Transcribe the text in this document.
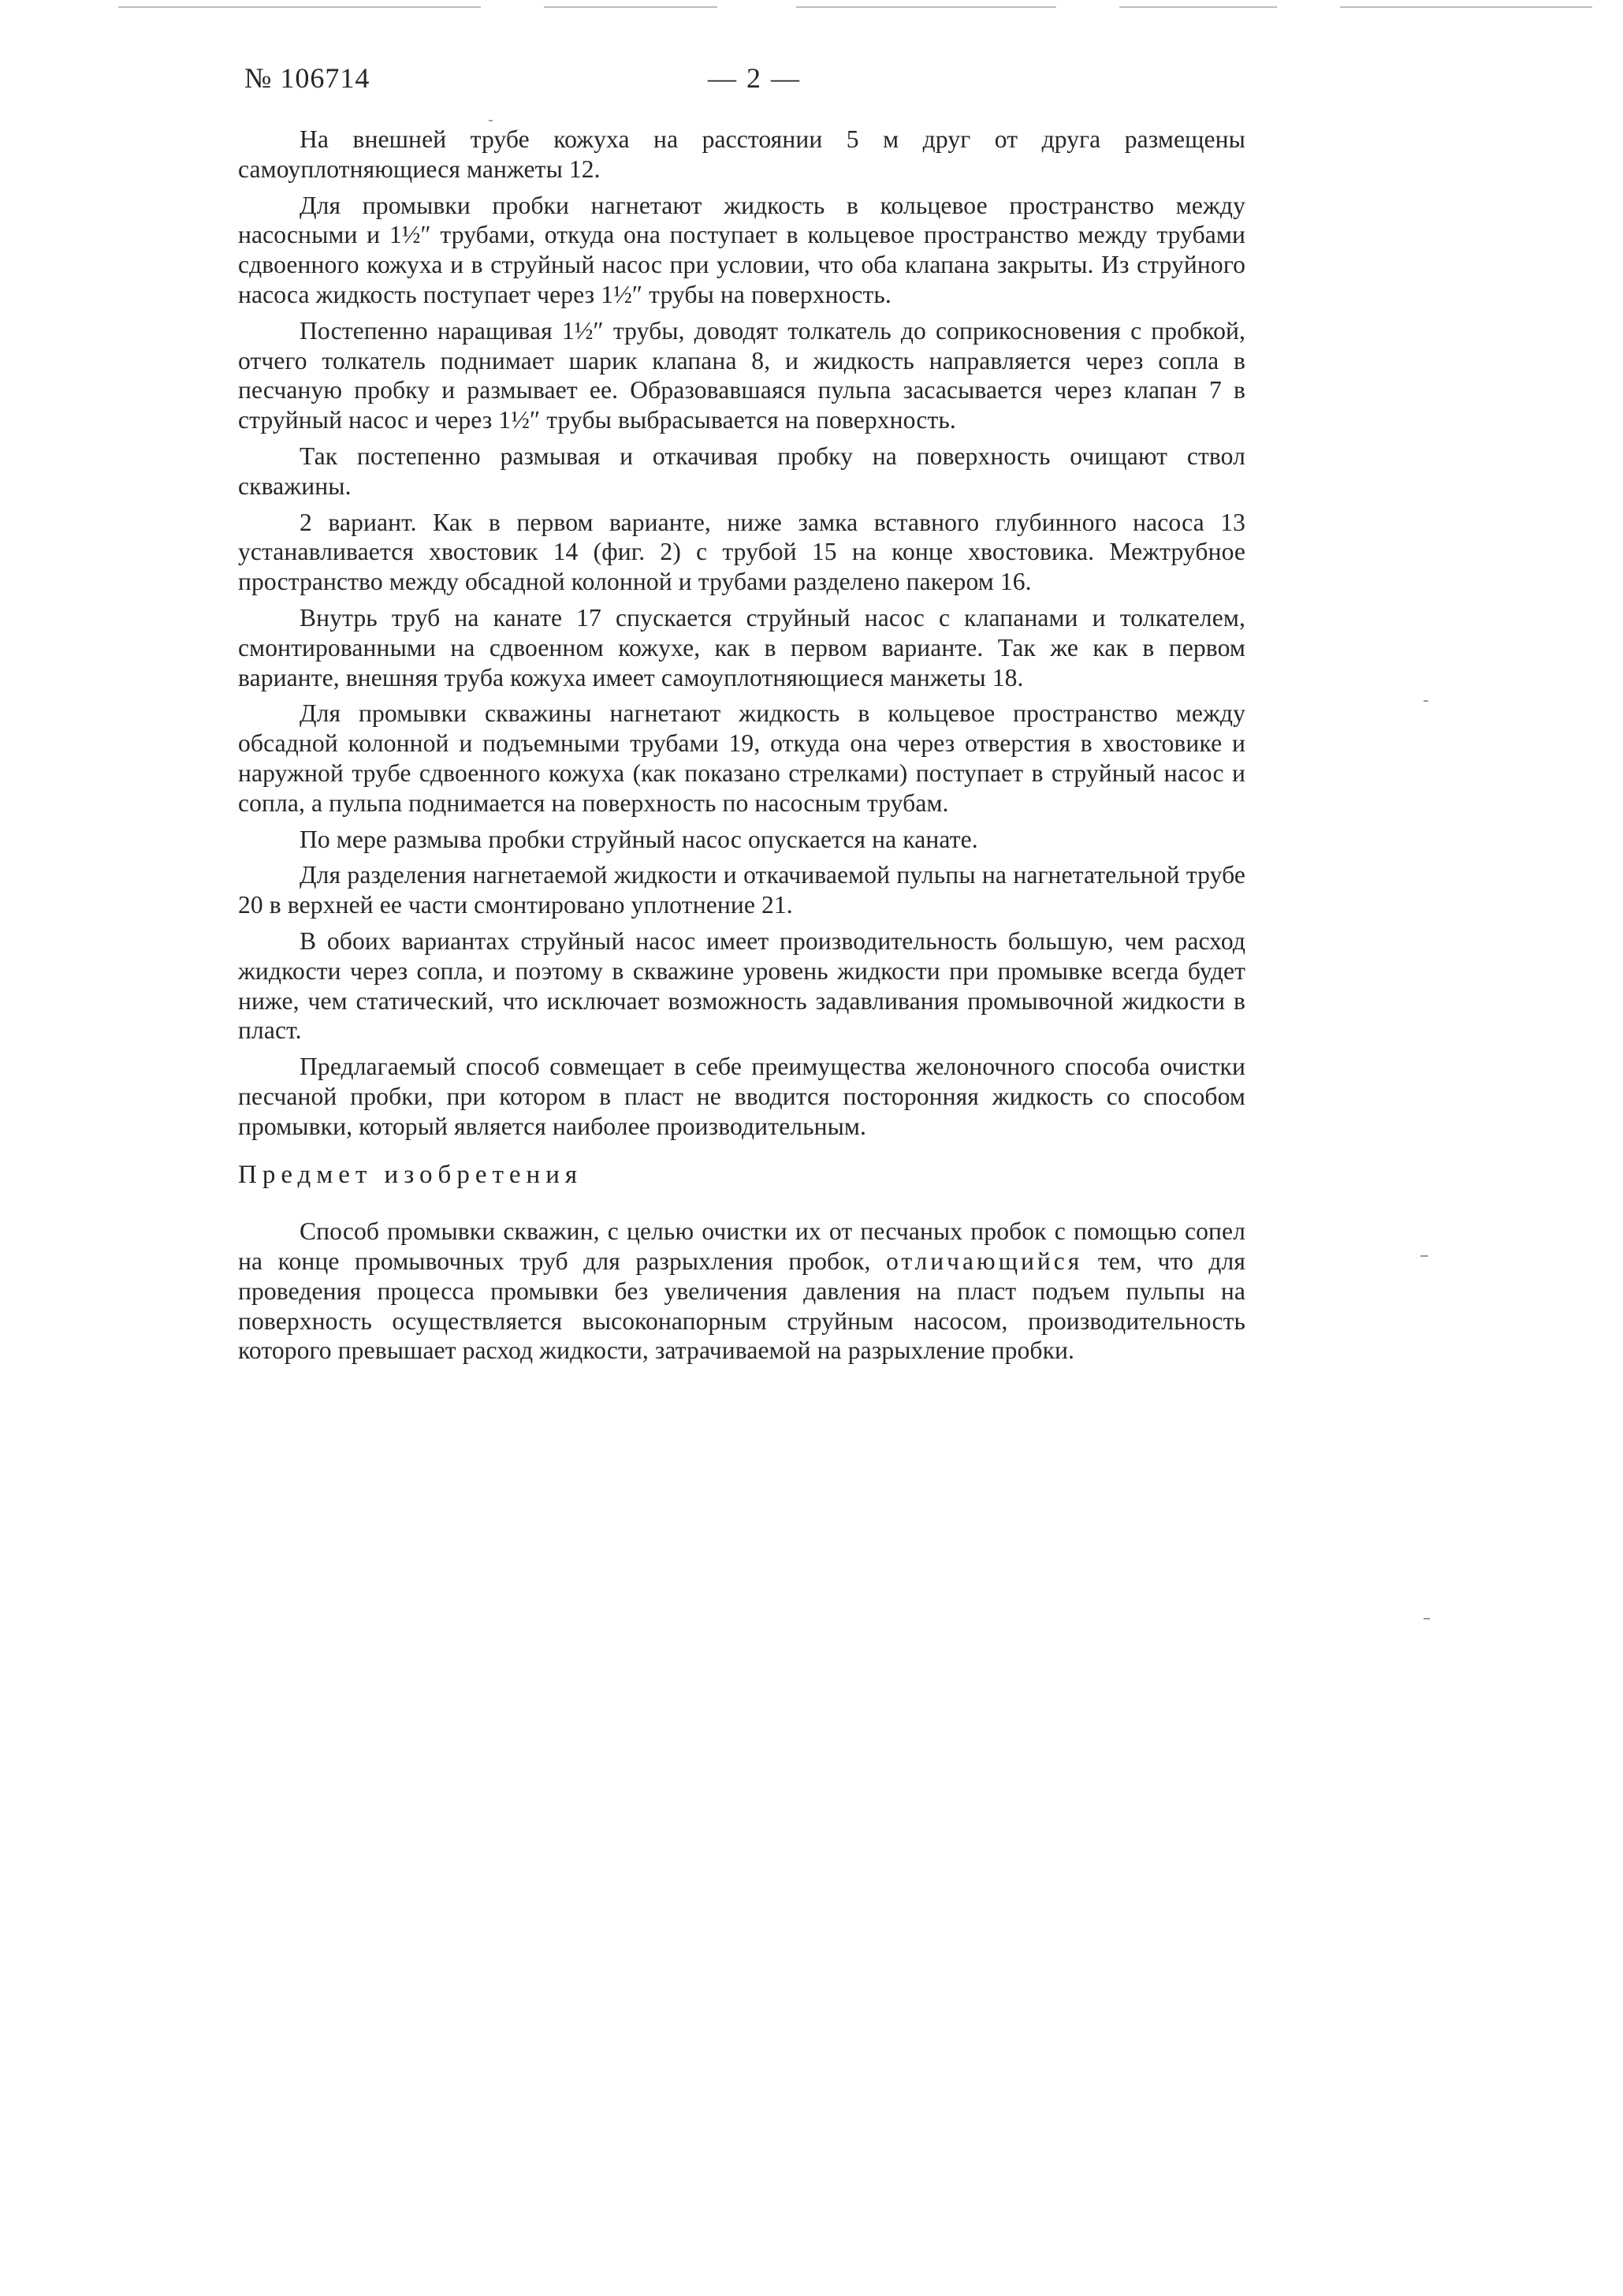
№ 106714	— 2 —

На внешней трубе кожуха на расстоянии 5 м друг от друга размещены самоуплотняющиеся манжеты 12.

Для промывки пробки нагнетают жидкость в кольцевое пространство между насосными и 1½″ трубами, откуда она поступает в кольцевое пространство между трубами сдвоенного кожуха и в струйный насос при условии, что оба клапана закрыты. Из струйного насоса жидкость поступает через 1½″ трубы на поверхность.

Постепенно наращивая 1½″ трубы, доводят толкатель до соприкосновения с пробкой, отчего толкатель поднимает шарик клапана 8, и жидкость направляется через сопла в песчаную пробку и размывает ее. Образовавшаяся пульпа засасывается через клапан 7 в струйный насос и через 1½″ трубы выбрасывается на поверхность.

Так постепенно размывая и откачивая пробку на поверхность очищают ствол скважины.

2 вариант. Как в первом варианте, ниже замка вставного глубинного насоса 13 устанавливается хвостовик 14 (фиг. 2) с трубой 15 на конце хвостовика. Межтрубное пространство между обсадной колонной и трубами разделено пакером 16.

Внутрь труб на канате 17 спускается струйный насос с клапанами и толкателем, смонтированными на сдвоенном кожухе, как в первом варианте. Так же как в первом варианте, внешняя труба кожуха имеет самоуплотняющиеся манжеты 18.

Для промывки скважины нагнетают жидкость в кольцевое пространство между обсадной колонной и подъемными трубами 19, откуда она через отверстия в хвостовике и наружной трубе сдвоенного кожуха (как показано стрелками) поступает в струйный насос и сопла, а пульпа поднимается на поверхность по насосным трубам.

По мере размыва пробки струйный насос опускается на канате.

Для разделения нагнетаемой жидкости и откачиваемой пульпы на нагнетательной трубе 20 в верхней ее части смонтировано уплотнение 21.

В обоих вариантах струйный насос имеет производительность большую, чем расход жидкости через сопла, и поэтому в скважине уровень жидкости при промывке всегда будет ниже, чем статический, что исключает возможность задавливания промывочной жидкости в пласт.

Предлагаемый способ совмещает в себе преимущества желоночного способа очистки песчаной пробки, при котором в пласт не вводится посторонняя жидкость со способом промывки, который является наиболее производительным.

Предмет изобретения

Способ промывки скважин, с целью очистки их от песчаных пробок с помощью сопел на конце промывочных труб для разрыхления пробок, отличающийся тем, что для проведения процесса промывки без увеличения давления на пласт подъем пульпы на поверхность осуществляется высоконапорным струйным насосом, производительность которого превышает расход жидкости, затрачиваемой на разрыхление пробки.
